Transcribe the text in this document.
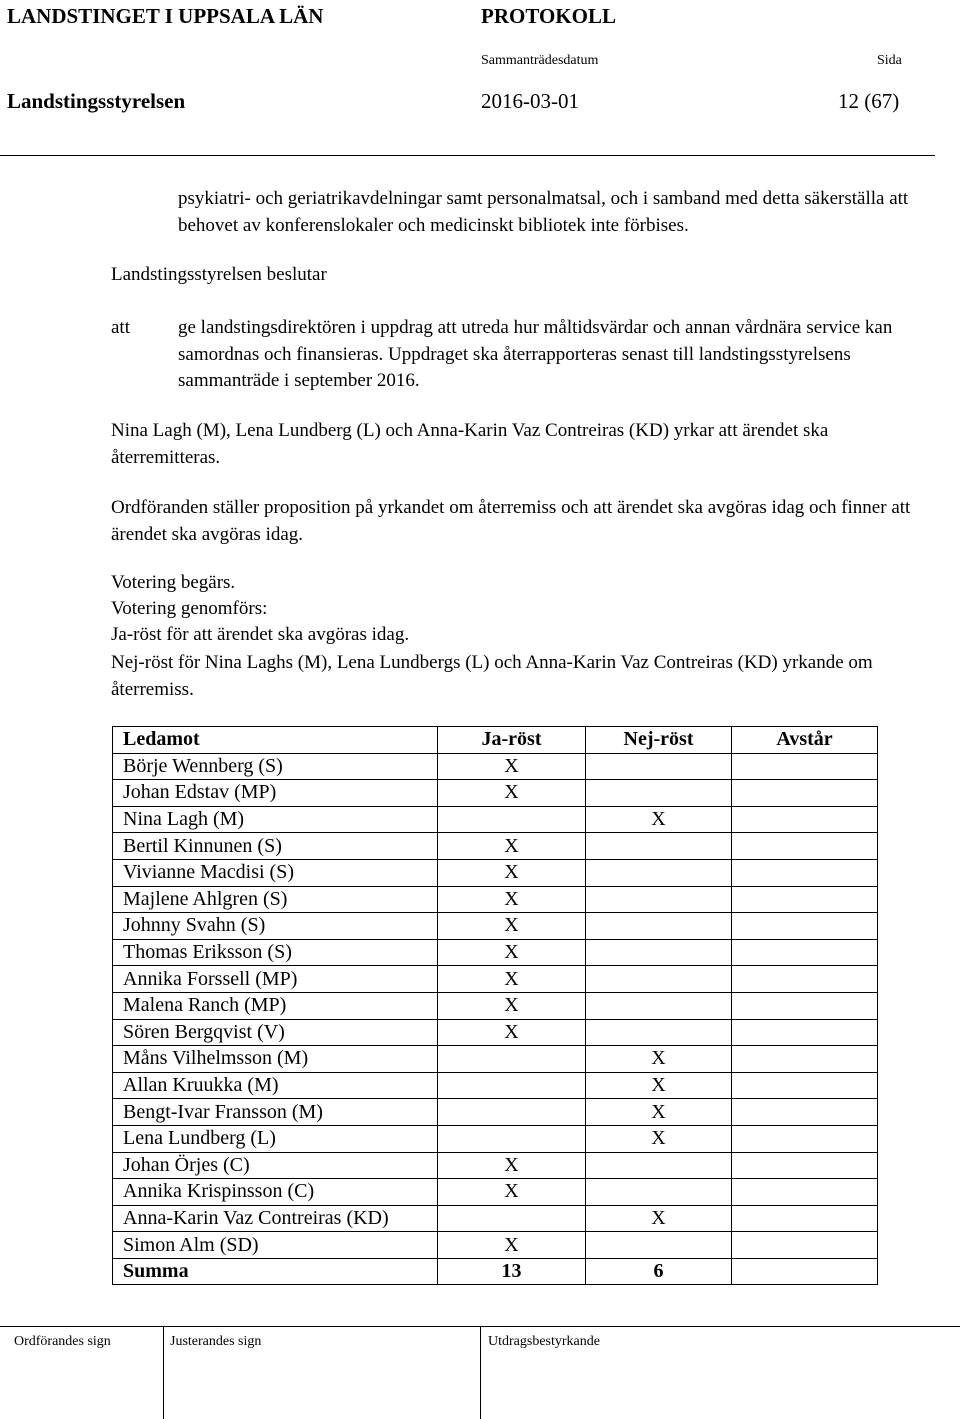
LANDSTINGET I UPPSALA LÄN	PROTOKOLL
Sammanträdesdatum	Sida
Landstingsstyrelsen	2016-03-01	12 (67)
psykiatri- och geriatrikavdelningar samt personalmatsal, och i samband med detta säkerställa att behovet av konferenslokaler och medicinskt bibliotek inte förbises.
Landstingsstyrelsen beslutar
att	ge landstingsdirektören i uppdrag att utreda hur måltidsvärdar och annan vårdnära service kan samordnas och finansieras. Uppdraget ska återrapporteras senast till landstingsstyrelsens sammanträde i september 2016.
Nina Lagh (M), Lena Lundberg (L) och Anna-Karin Vaz Contreiras (KD) yrkar att ärendet ska återremitteras.
Ordföranden ställer proposition på yrkandet om återremiss och att ärendet ska avgöras idag och finner att ärendet ska avgöras idag.
Votering begärs.
Votering genomförs:
Ja-röst för att ärendet ska avgöras idag.
Nej-röst för Nina Laghs (M), Lena Lundbergs (L) och Anna-Karin Vaz Contreiras (KD) yrkande om återremiss.
Ledamot	Ja-röst	Nej-röst	Avstår
Börje Wennberg (S)	X		
Johan Edstav (MP)	X		
Nina Lagh (M)		X	
Bertil Kinnunen (S)	X		
Vivianne Macdisi (S)	X		
Majlene Ahlgren (S)	X		
Johnny Svahn (S)	X		
Thomas Eriksson (S)	X		
Annika Forssell (MP)	X		
Malena Ranch (MP)	X		
Sören Bergqvist (V)	X		
Måns Vilhelmsson (M)		X	
Allan Kruukka (M)		X	
Bengt-Ivar Fransson (M)		X	
Lena Lundberg (L)		X	
Johan Örjes (C)	X		
Annika Krispinsson (C)	X		
Anna-Karin Vaz Contreiras (KD)		X	
Simon Alm (SD)	X		
Summa	13	6	
Ordförandes sign	Justerandes sign	Utdragsbestyrkande
